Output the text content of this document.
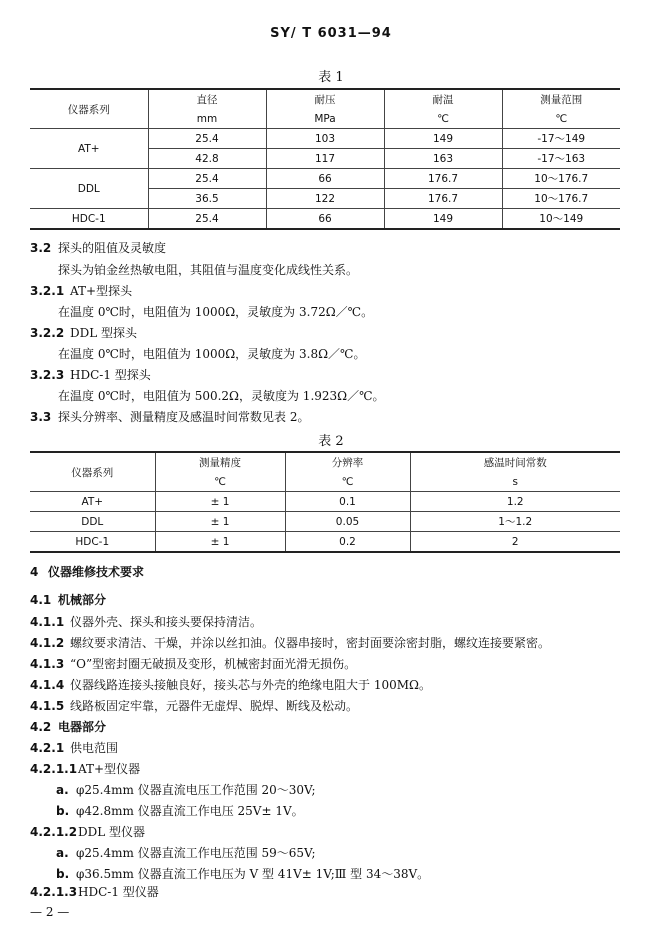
SY/ T 6031—94
表 1
仪器系列	直径	耐压	耐温	测量范围
	mm	MPa	℃	℃
AT+	25.4	103	149	-17～149
	42.8	117	163	-17～163
DDL	25.4	66	176.7	10～176.7
	36.5	122	176.7	10～176.7
HDC-1	25.4	66	149	10～149
3.2 探头的阻值及灵敏度
探头为铂金丝热敏电阻，其阻值与温度变化成线性关系。
3.2.1 AT+型探头
在温度 0℃时，电阻值为 1000Ω，灵敏度为 3.72Ω／℃。
3.2.2 DDL 型探头
在温度 0℃时，电阻值为 1000Ω，灵敏度为 3.8Ω／℃。
3.2.3 HDC-1 型探头
在温度 0℃时，电阻值为 500.2Ω，灵敏度为 1.923Ω／℃。
3.3 探头分辨率、测量精度及感温时间常数见表 2。
表 2
仪器系列	测量精度	分辨率	感温时间常数
	℃	℃	s
AT+	± 1	0.1	1.2
DDL	± 1	0.05	1～1.2
HDC-1	± 1	0.2	2
4 仪器维修技术要求
4.1 机械部分
4.1.1 仪器外壳、探头和接头要保持清洁。
4.1.2 螺纹要求清洁、干燥，并涂以丝扣油。仪器串接时，密封面要涂密封脂，螺纹连接要紧密。
4.1.3 “O”型密封圈无破损及变形，机械密封面光滑无损伤。
4.1.4 仪器线路连接头接触良好，接头芯与外壳的绝缘电阻大于 100MΩ。
4.1.5 线路板固定牢靠，元器件无虚焊、脱焊、断线及松动。
4.2 电器部分
4.2.1 供电范围
4.2.1.1AT+型仪器
a. φ25.4mm 仪器直流电压工作范围 20～30V;
b. φ42.8mm 仪器直流工作电压 25V± 1V。
4.2.1.2DDL 型仪器
a. φ25.4mm 仪器直流工作电压范围 59～65V;
b. φ36.5mm 仪器直流工作电压为 V 型 41V± 1V;Ⅲ 型 34～38V。
4.2.1.3HDC-1 型仪器
— 2 —
